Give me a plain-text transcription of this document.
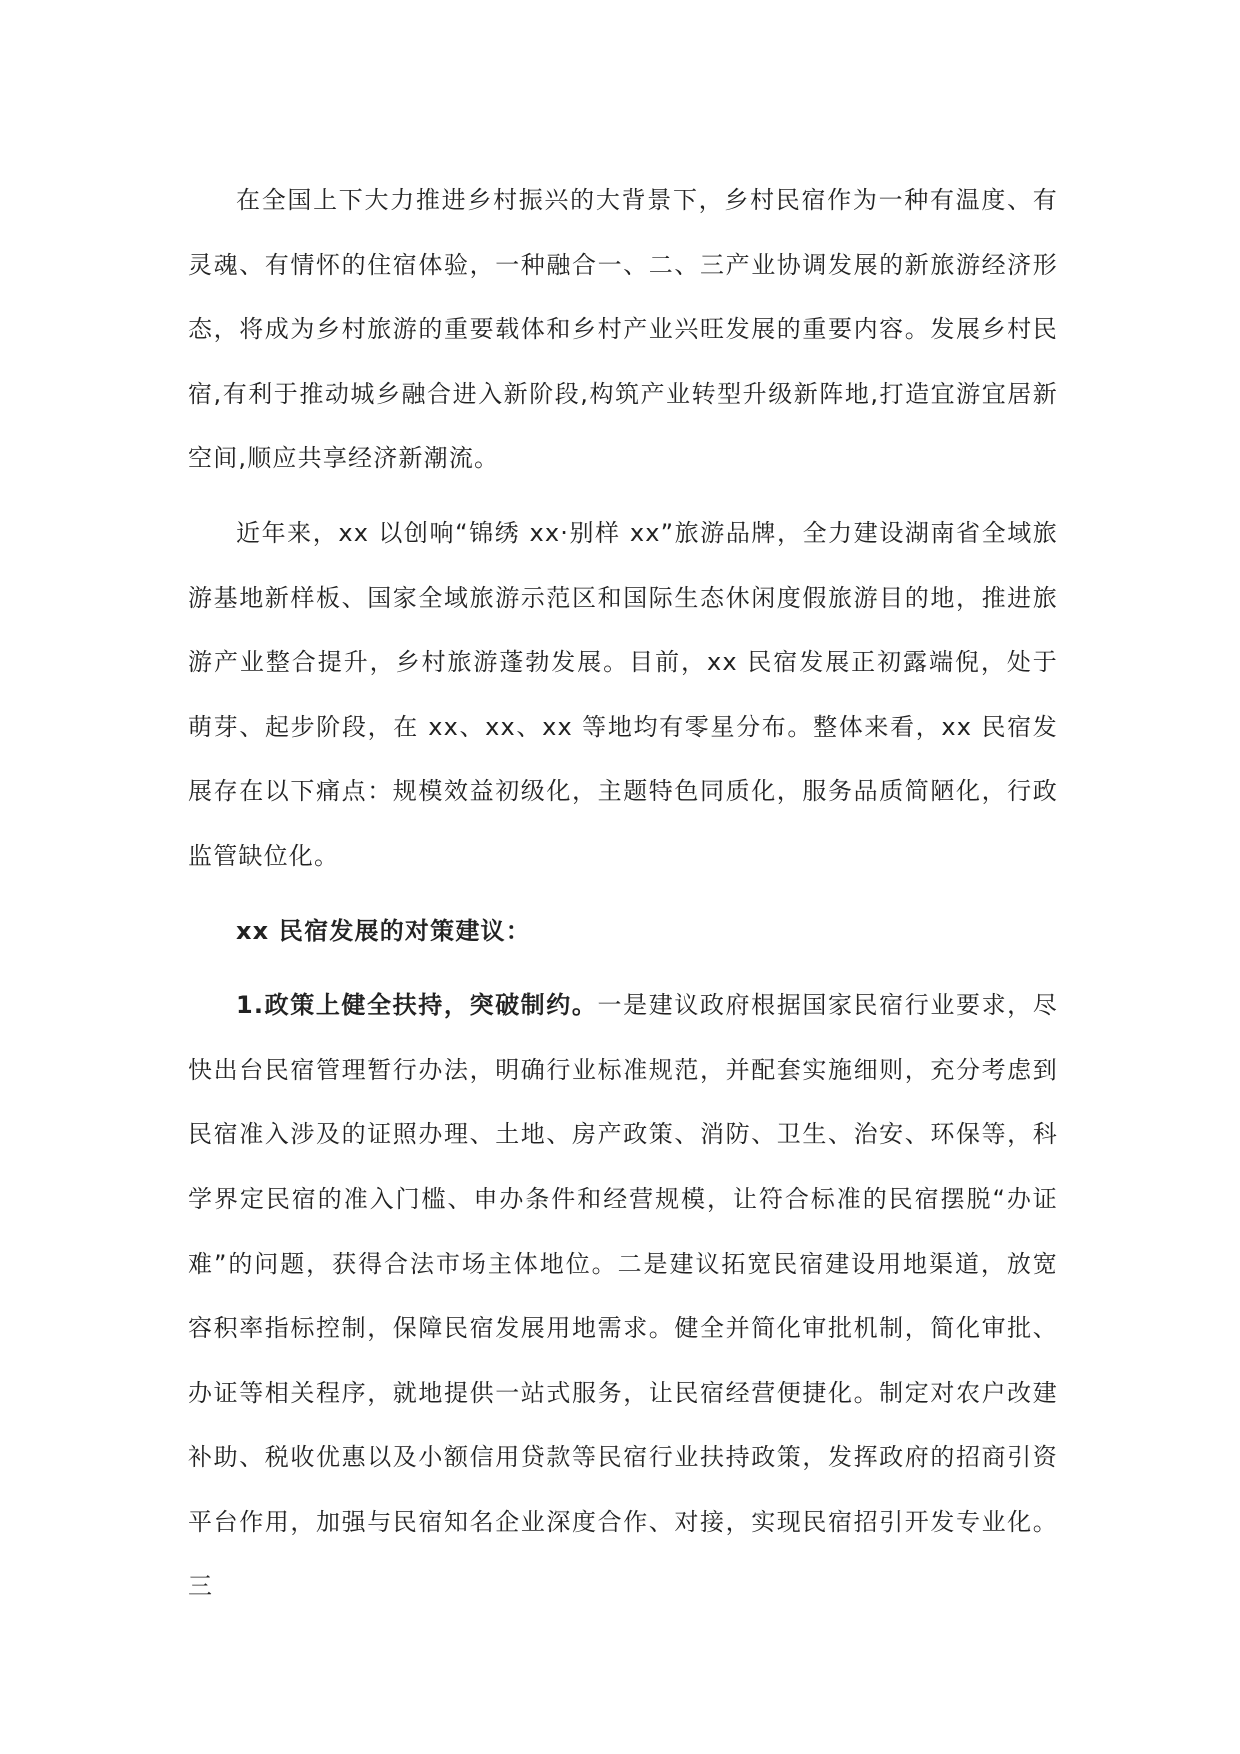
在全国上下大力推进乡村振兴的大背景下，乡村民宿作为一种有温度、有灵魂、有情怀的住宿体验，一种融合一、二、三产业协调发展的新旅游经济形态，将成为乡村旅游的重要载体和乡村产业兴旺发展的重要内容。发展乡村民宿,有利于推动城乡融合进入新阶段,构筑产业转型升级新阵地,打造宜游宜居新空间,顺应共享经济新潮流。

近年来，xx 以创响“锦绣 xx·别样 xx”旅游品牌，全力建设湖南省全域旅游基地新样板、国家全域旅游示范区和国际生态休闲度假旅游目的地，推进旅游产业整合提升，乡村旅游蓬勃发展。目前，xx 民宿发展正初露端倪，处于萌芽、起步阶段，在 xx、xx、xx 等地均有零星分布。整体来看，xx 民宿发展存在以下痛点：规模效益初级化，主题特色同质化，服务品质简陋化，行政监管缺位化。

xx 民宿发展的对策建议：

1.政策上健全扶持，突破制约。一是建议政府根据国家民宿行业要求，尽快出台民宿管理暂行办法，明确行业标准规范，并配套实施细则，充分考虑到民宿准入涉及的证照办理、土地、房产政策、消防、卫生、治安、环保等，科学界定民宿的准入门槛、申办条件和经营规模，让符合标准的民宿摆脱“办证难”的问题，获得合法市场主体地位。二是建议拓宽民宿建设用地渠道，放宽容积率指标控制，保障民宿发展用地需求。健全并简化审批机制，简化审批、办证等相关程序，就地提供一站式服务，让民宿经营便捷化。制定对农户改建补助、税收优惠以及小额信用贷款等民宿行业扶持政策，发挥政府的招商引资平台作用，加强与民宿知名企业深度合作、对接，实现民宿招引开发专业化。三
